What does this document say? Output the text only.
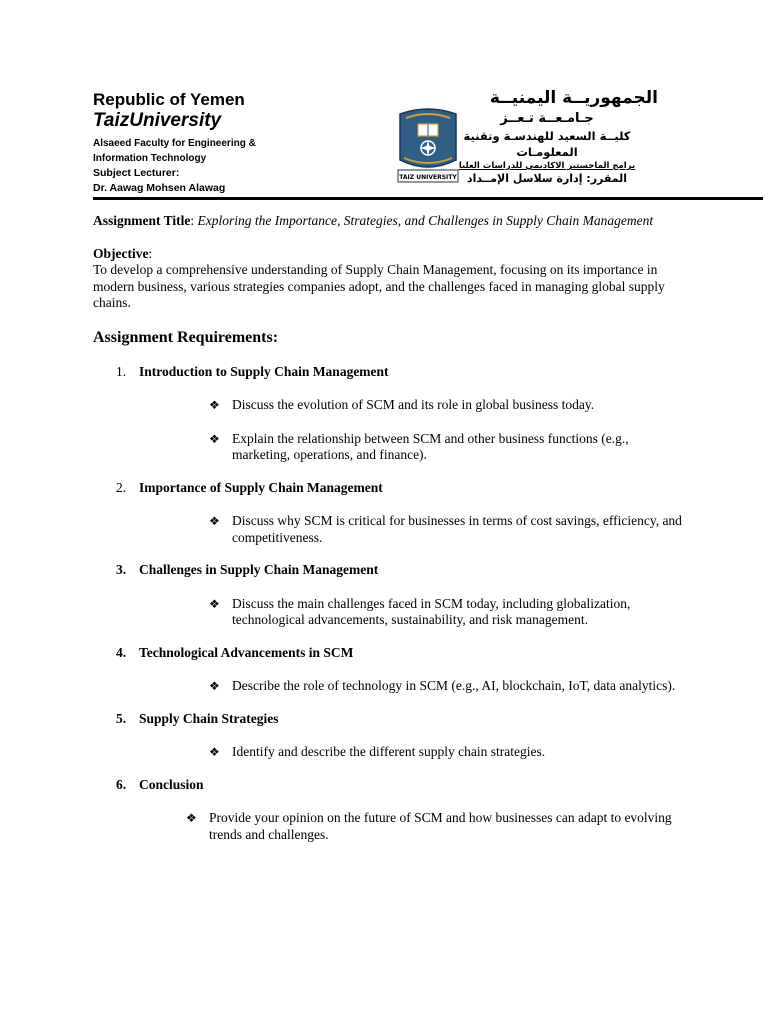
Republic of Yemen
TaizUniversity
Alsaeed Faculty for Engineering &
Information Technology
Subject Lecturer:
Dr. Aawag Mohsen Alawag
TAIZ UNIVERSITY
الجمهوريــة اليمنيــة
جـامـعــة تـعــز
كليــة السعيد للهندسـة وتقنية
المعلومـات
برامج الماجستير الاكاديمي للدراسات العليا
المقرر: إدارة سلاسل الإمــداد

Assignment Title: Exploring the Importance, Strategies, and Challenges in Supply Chain Management

Objective:

To develop a comprehensive understanding of Supply Chain Management, focusing on its importance in modern business, various strategies companies adopt, and the challenges faced in managing global supply chains.

Assignment Requirements:
1. Introduction to Supply Chain Management
❖ Discuss the evolution of SCM and its role in global business today.
❖ Explain the relationship between SCM and other business functions (e.g., marketing, operations, and finance).
2. Importance of Supply Chain Management
❖ Discuss why SCM is critical for businesses in terms of cost savings, efficiency, and competitiveness.
3. Challenges in Supply Chain Management
❖ Discuss the main challenges faced in SCM today, including globalization, technological advancements, sustainability, and risk management.
4. Technological Advancements in SCM
❖ Describe the role of technology in SCM (e.g., AI, blockchain, IoT, data analytics).
5. Supply Chain Strategies
❖ Identify and describe the different supply chain strategies.
6. Conclusion
❖ Provide your opinion on the future of SCM and how businesses can adapt to evolving trends and challenges.
